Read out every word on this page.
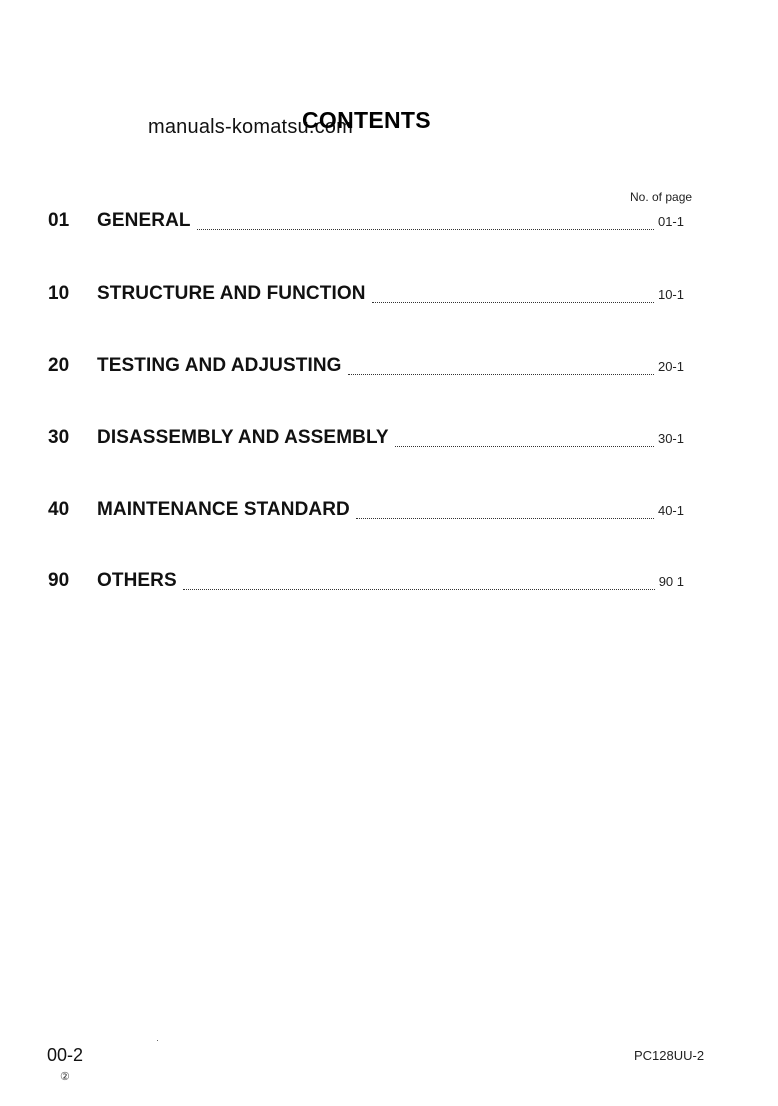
manuals-komatsu.com
CONTENTS
No. of page
01	GENERAL	01-1
10	STRUCTURE AND FUNCTION	10-1
20	TESTING AND ADJUSTING	20-1
30	DISASSEMBLY AND ASSEMBLY	30-1
40	MAINTENANCE STANDARD	40-1
90	OTHERS	90 1
00-2
②
PC128UU-2
